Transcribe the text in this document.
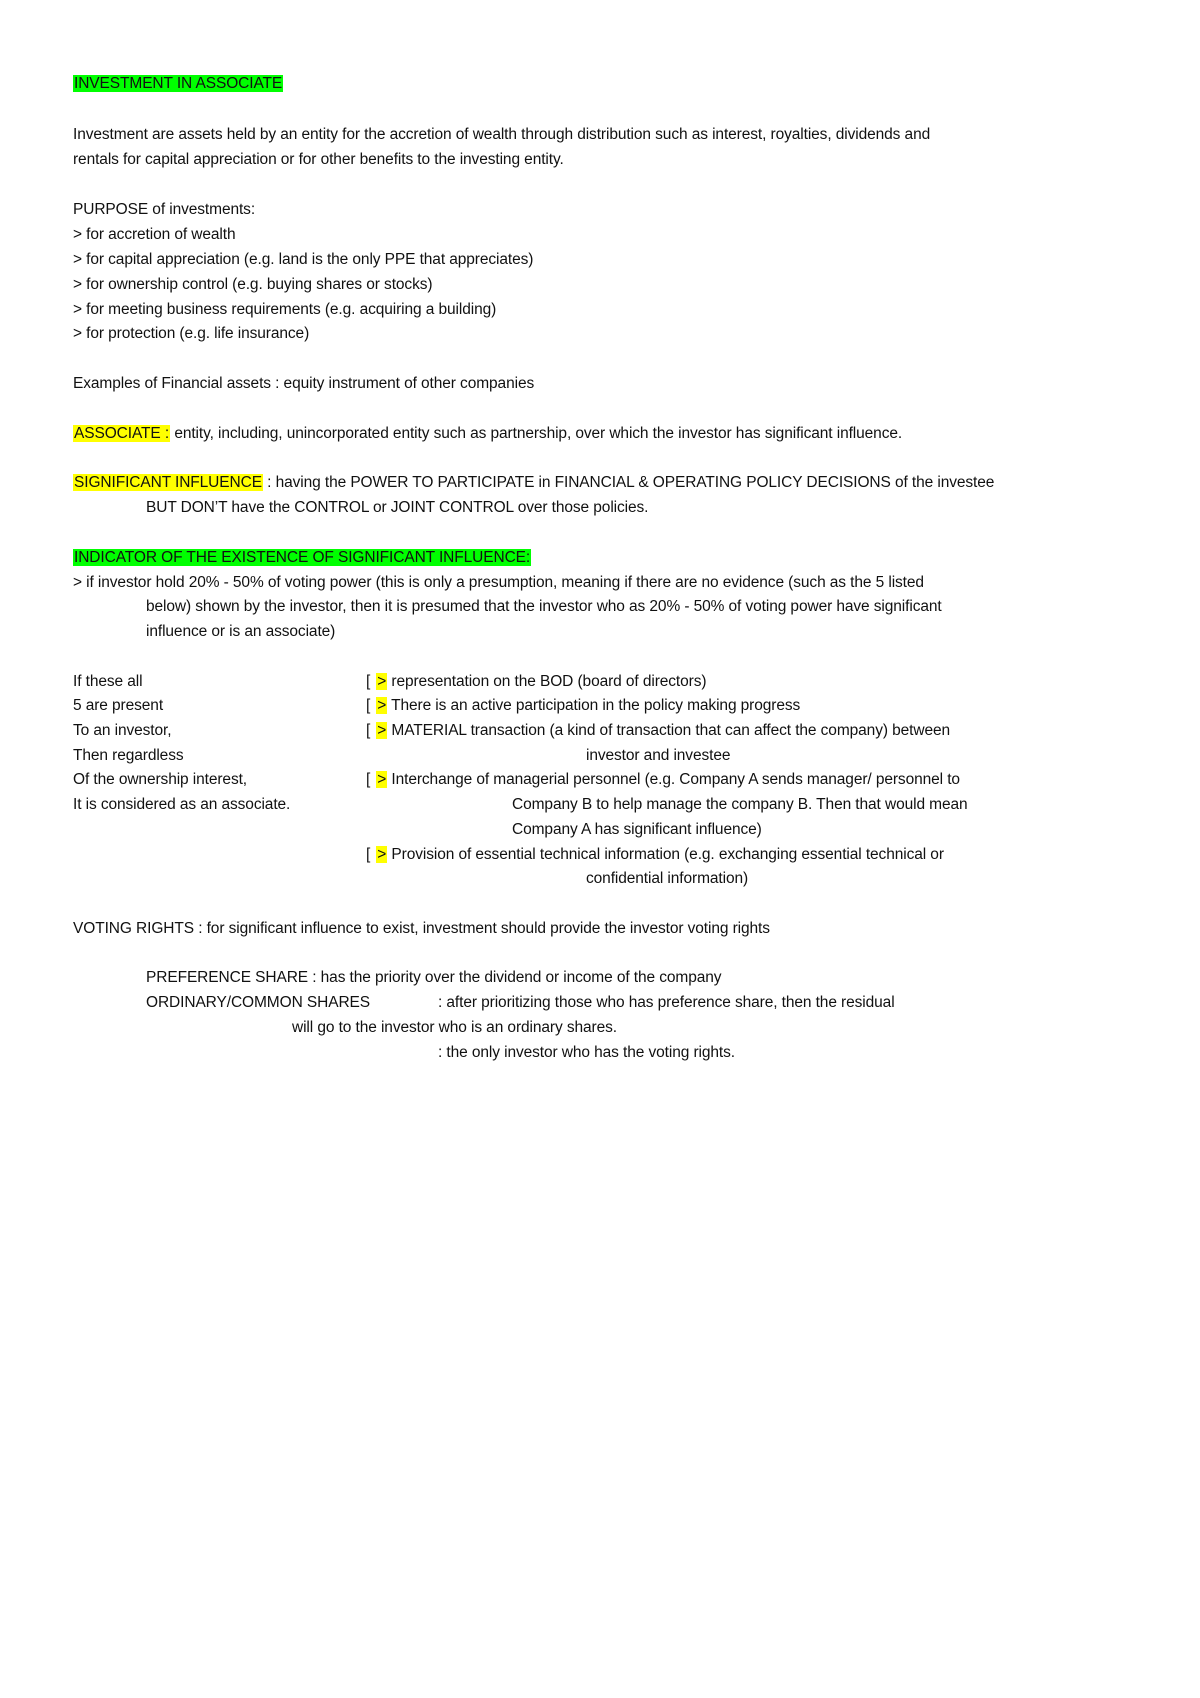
INVESTMENT IN ASSOCIATE
Investment are assets held by an entity for the accretion of wealth through distribution such as interest, royalties, dividends and
rentals for capital appreciation or for other benefits to the investing entity.
PURPOSE of investments:
> for accretion of wealth
> for capital appreciation (e.g. land is the only PPE that appreciates)
> for ownership control (e.g. buying shares or stocks)
> for meeting business requirements (e.g. acquiring a building)
> for protection (e.g. life insurance)
Examples of Financial assets : equity instrument of other companies
ASSOCIATE : entity, including, unincorporated entity such as partnership, over which the investor has significant influence.
SIGNIFICANT INFLUENCE : having the POWER TO PARTICIPATE in FINANCIAL & OPERATING POLICY DECISIONS of the investee
BUT DON’T have the CONTROL or JOINT CONTROL over those policies.
INDICATOR OF THE EXISTENCE OF SIGNIFICANT INFLUENCE:
> if investor hold 20% - 50% of voting power (this is only a presumption, meaning if there are no evidence (such as the 5 listed
below) shown by the investor, then it is presumed that the investor who as 20% - 50% of voting power have significant
influence or is an associate)
If these all
5 are present
To an investor,
Then regardless
Of the ownership interest,
It is considered as an associate.
[ > representation on the BOD (board of directors)
[ > There is an active participation in the policy making progress
[ > MATERIAL transaction (a kind of transaction that can affect the company) between
investor and investee
[ > Interchange of managerial personnel (e.g. Company A sends manager/ personnel to
Company B to help manage the company B. Then that would mean
Company A has significant influence)
[ > Provision of essential technical information (e.g. exchanging essential technical or
confidential information)
VOTING RIGHTS : for significant influence to exist, investment should provide the investor voting rights
PREFERENCE SHARE : has the priority over the dividend or income of the company
ORDINARY/COMMON SHARES	: after prioritizing those who has preference share, then the residual
will go to the investor who is an ordinary shares.
: the only investor who has the voting rights.
